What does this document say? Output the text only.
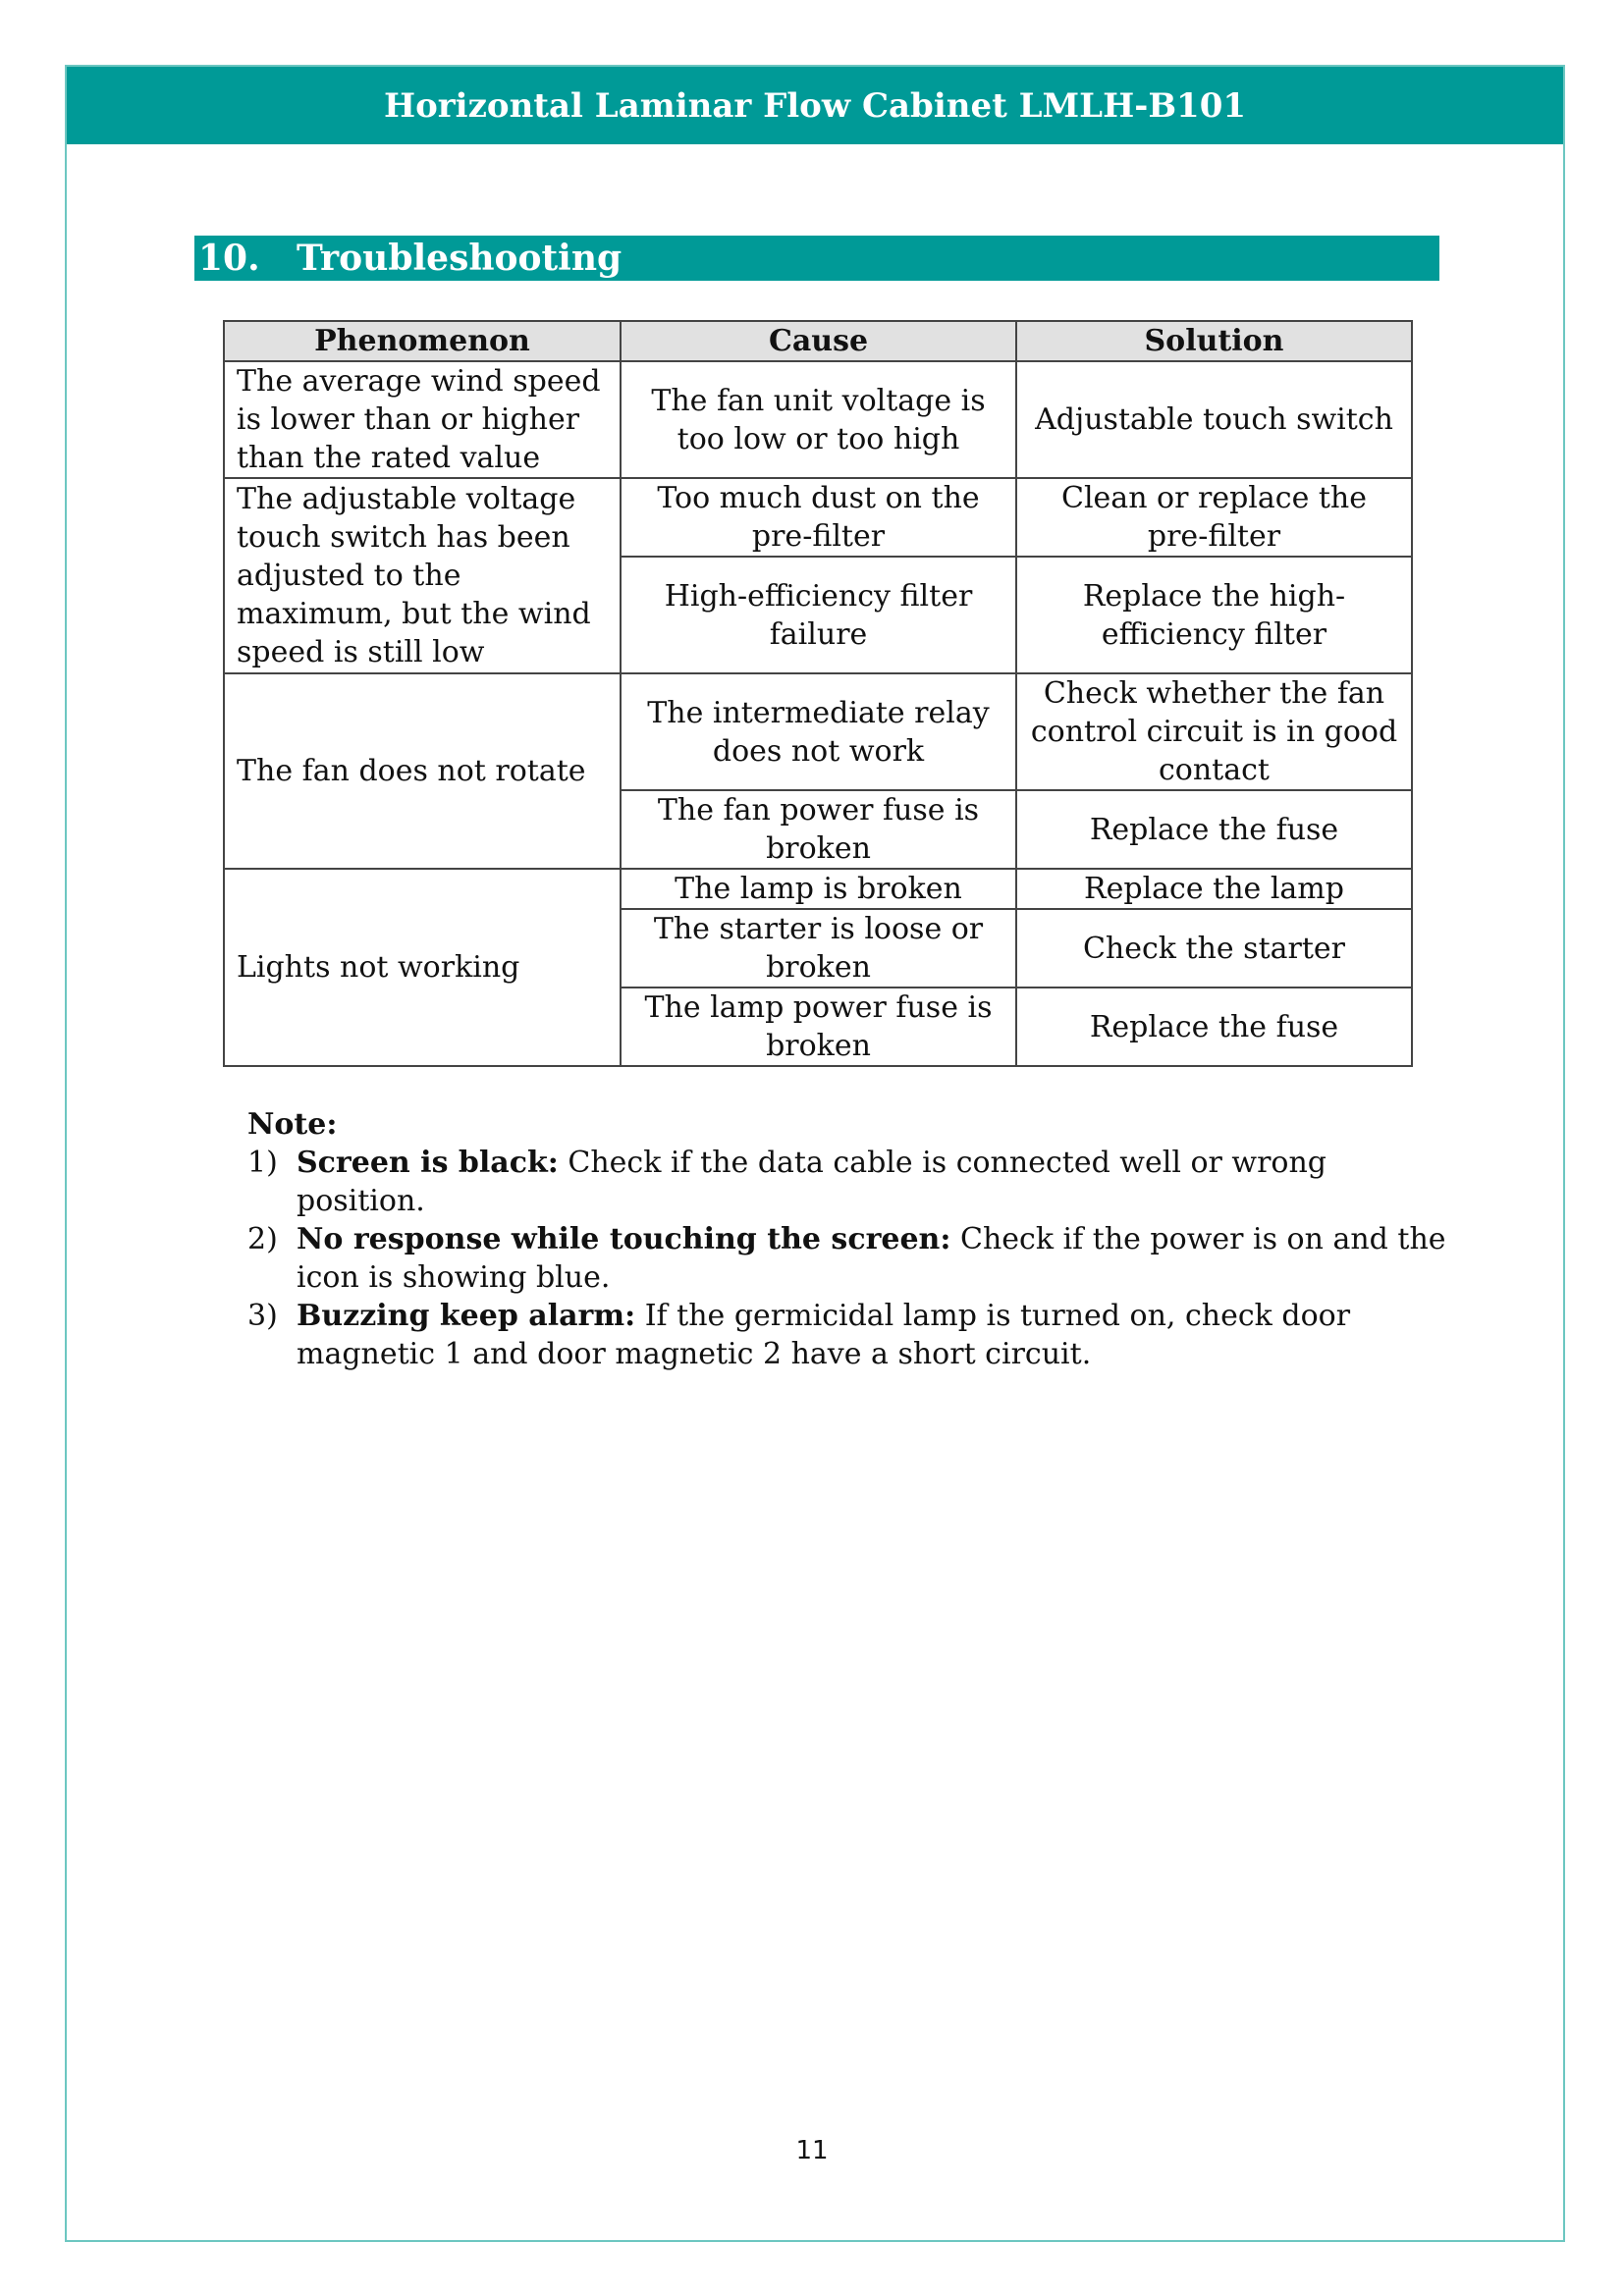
Horizontal Laminar Flow Cabinet LMLH-B101
10.	Troubleshooting
Phenomenon	Cause	Solution
The average wind speed is lower than or higher than the rated value	The fan unit voltage is too low or too high	Adjustable touch switch
The adjustable voltage touch switch has been adjusted to the maximum, but the wind speed is still low	Too much dust on the pre-filter	Clean or replace the pre-filter
	High-efficiency filter failure	Replace the high-efficiency filter
The fan does not rotate	The intermediate relay does not work	Check whether the fan control circuit is in good contact
	The fan power fuse is broken	Replace the fuse
Lights not working	The lamp is broken	Replace the lamp
	The starter is loose or broken	Check the starter
	The lamp power fuse is broken	Replace the fuse
Note:
1) Screen is black: Check if the data cable is connected well or wrong position.
2) No response while touching the screen: Check if the power is on and the icon is showing blue.
3) Buzzing keep alarm: If the germicidal lamp is turned on, check door magnetic 1 and door magnetic 2 have a short circuit.
11
